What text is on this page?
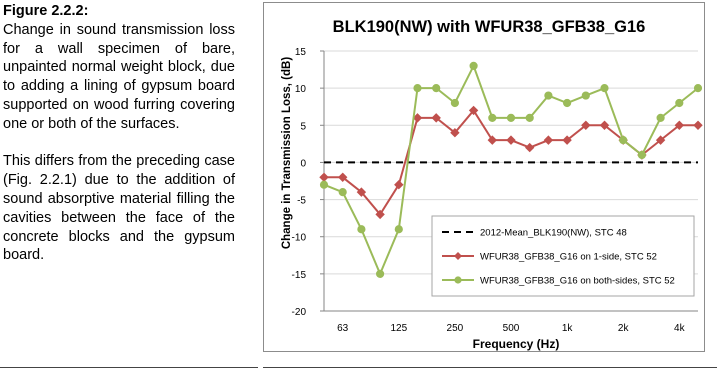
Figure 2.2.2:

Change in sound transmission loss for a wall specimen of bare, unpainted normal weight block, due to adding a lining of gypsum board supported on wood furring covering one or both of the surfaces.

This differs from the preceding case (Fig. 2.2.1) due to the addition of sound absorptive material filling the cavities between the face of the concrete blocks and the gypsum board.

BLK190(NW) with WFUR38_GFB38_G16
Change in Transmission Loss, (dB)
Frequency (Hz)
-20
-15
-10
-5
0
5
10
15
63	125	250	500	1k	2k	4k
2012-Mean_BLK190(NW), STC 48
WFUR38_GFB38_G16 on 1-side, STC 52
WFUR38_GFB38_G16 on both-sides, STC 52
